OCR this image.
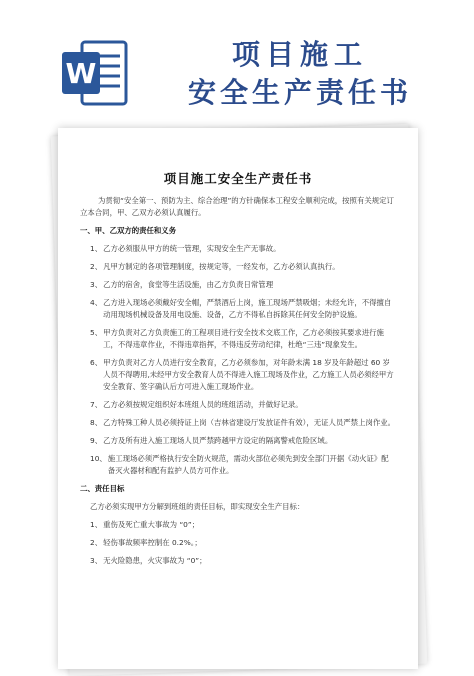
W
项目施工
安全生产责任书
项目施工安全生产责任书
为贯彻“安全第一、预防为主、综合治理”的方针确保本工程安全顺利完成，按照有关规定订立本合同，甲、乙双方必须认真履行。
一、甲、乙双方的责任和义务
1、 乙方必须服从甲方的统一管理，实现安全生产无事故。
2、 凡甲方制定的各项管理制度，按规定等，一经发布，乙方必须认真执行。
3、 乙方的宿舍，食堂等生活设施，由乙方负责日常管理
4、 乙方进入现场必须戴好安全帽，严禁酒后上岗，施工现场严禁吸烟；未经允许，不得擅自动用现场机械设备及用电设施、设备，乙方不得私自拆除其任何安全防护设施。
5、 甲方负责对乙方负责施工的工程项目进行安全技术交底工作，乙方必须按其要求进行施工，不得违章作业，不得违章指挥，不得违反劳动纪律，杜绝“三违”现象发生。
6、 甲方负责对乙方人员进行安全教育，乙方必须参加，对年龄未满 18 岁及年龄超过 60 岁人员不得聘用,未经甲方安全教育人员不得进入施工现场及作业，乙方施工人员必须经甲方安全教育、签字确认后方可进入施工现场作业。
7、 乙方必须按规定组织好本班组人员的班组活动，并做好记录。
8、 乙方特殊工种人员必须持证上岗（吉林省建设厅发放证件有效），无证人员严禁上岗作业。
9、 乙方及所有进入施工现场人员严禁跨越甲方设定的隔离警戒危险区域。
10、 施工现场必须严格执行安全防火规范，需动火部位必须先到安全部门开据《动火证》配备灭火器材和配有监护人员方可作业。
二、责任目标
乙方必须实现甲方分解到班组的责任目标，即实现安全生产目标：
1、 重伤及死亡重大事故为 “0”；
2、 轻伤事故频率控制在 0.2%。；
3、 无火险隐患，火灾事故为 “0”；
